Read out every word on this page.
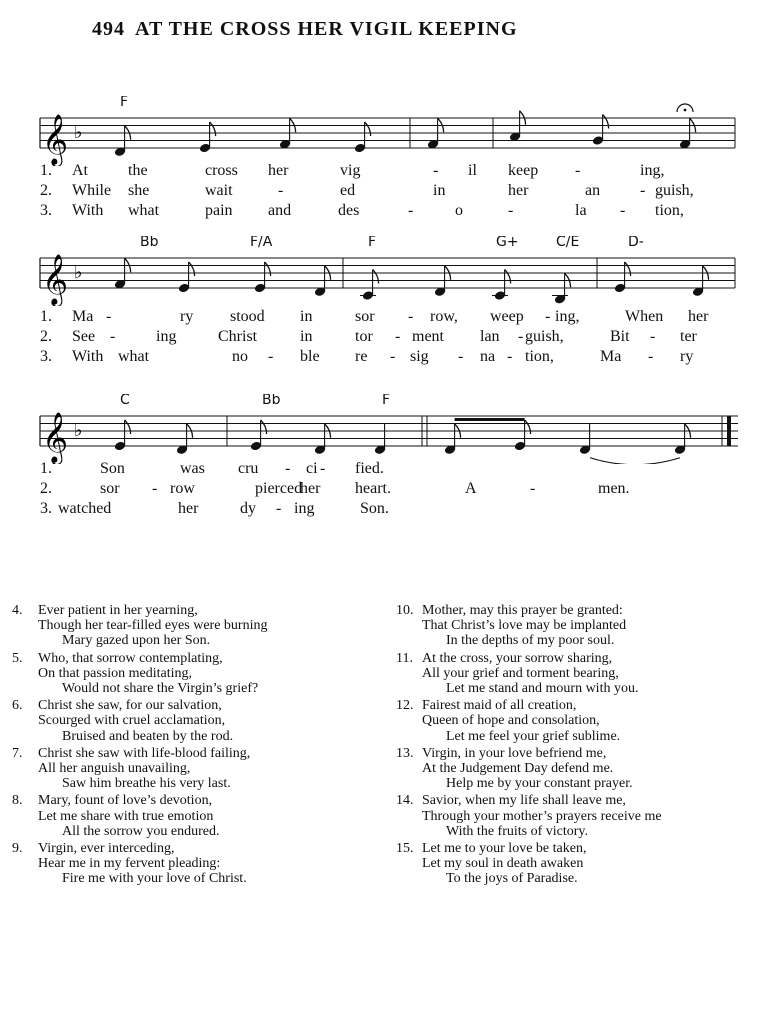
494 AT THE CROSS HER VIGIL KEEPING
𝄞 ♭
F
1. At	the	cross her	vig	- il keep -	ing,
2. While she	wait	-	ed	in	her	an - guish,
3. With what	pain and	des	-	o	-	la - tion,
𝄞 ♭
Bb	F/A	F	G+	C/E	D-
1. Ma -	ry stood in	sor - row, weep - ing,	When her
2. See -	ing	Christ	in	tor - ment lan - guish,	Bit - ter
3. With what	no - ble re - sig - na - tion,	Ma - ry
𝄞 ♭
C	Bb	F
1.	Son	was cru - ci - fied.
2.	sor - row	pierced
her heart.	A	-	men.
3. watched	her	dy - ing	Son.
4. Ever patient in her yearning,
Though her tear-filled eyes were burning
Mary gazed upon her Son.
5. Who, that sorrow contemplating,
On that passion meditating,
Would not share the Virgin’s grief?
6. Christ she saw, for our salvation,
Scourged with cruel acclamation,
Bruised and beaten by the rod.
7. Christ she saw with life-blood failing,
All her anguish unavailing,
Saw him breathe his very last.
8. Mary, fount of love’s devotion,
Let me share with true emotion
All the sorrow you endured.
9. Virgin, ever interceding,
Hear me in my fervent pleading:
Fire me with your love of Christ.
10. Mother, may this prayer be granted:
That Christ’s love may be implanted
In the depths of my poor soul.
11. At the cross, your sorrow sharing,
All your grief and torment bearing,
Let me stand and mourn with you.
12. Fairest maid of all creation,
Queen of hope and consolation,
Let me feel your grief sublime.
13. Virgin, in your love befriend me,
At the Judgement Day defend me.
Help me by your constant prayer.
14. Savior, when my life shall leave me,
Through your mother’s prayers receive me
With the fruits of victory.
15. Let me to your love be taken,
Let my soul in death awaken
To the joys of Paradise.
